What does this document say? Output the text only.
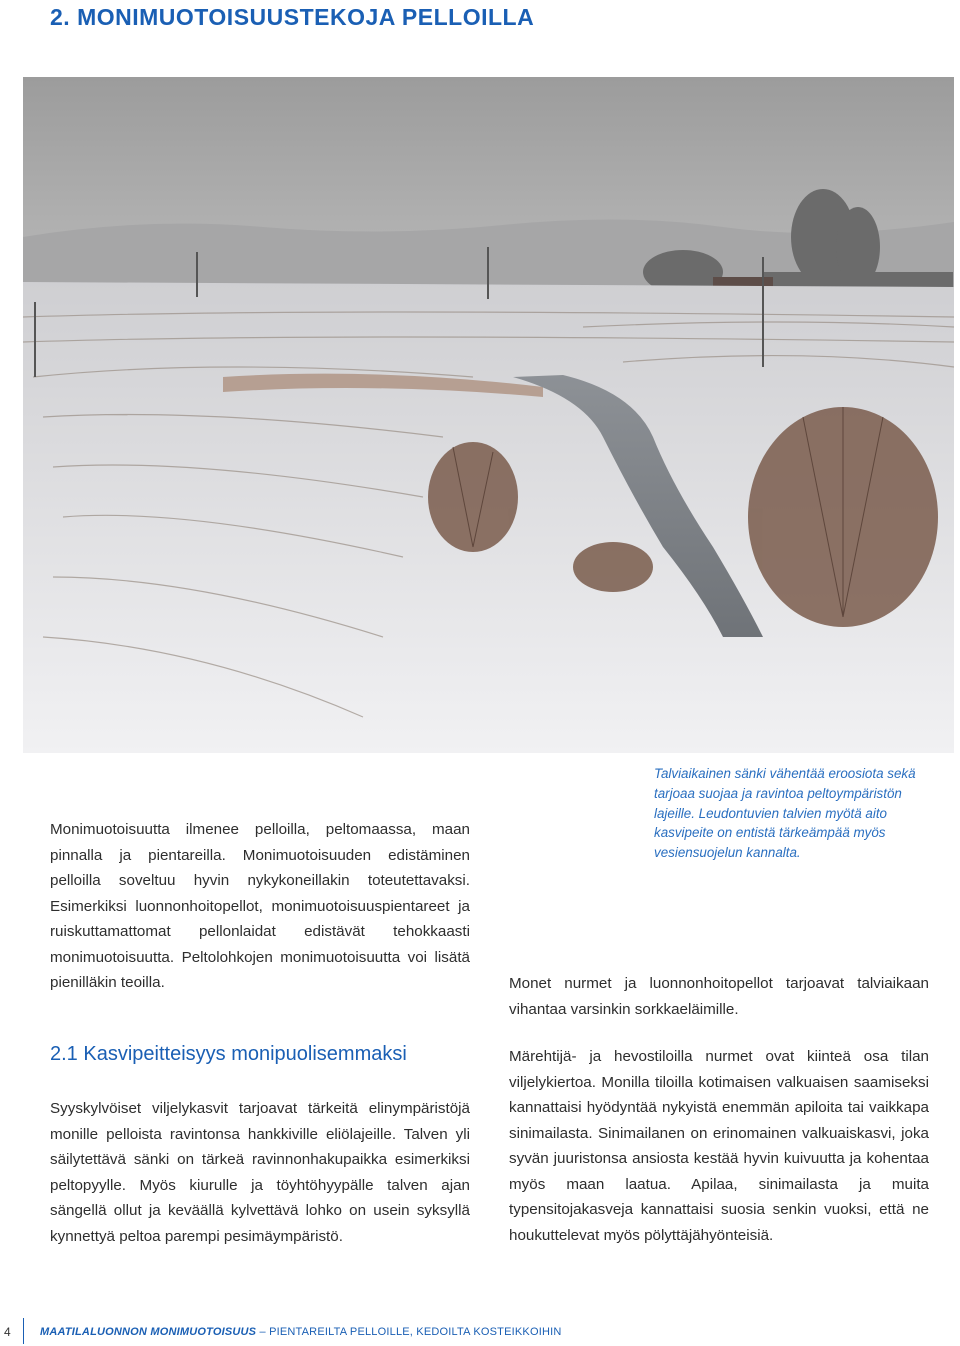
2. MONIMUOTOISUUSTEKOJA PELLOILLA

Talviaikainen sänki vähentää eroosiota sekä tarjoaa suojaa ja ravintoa peltoympäristön lajeille. Leudontuvien talvien myötä aito kasvipeite on entistä tärkeämpää myös vesiensuojelun kannalta.

Monimuotoisuutta ilmenee pelloilla, peltomaassa, maan pinnalla ja pientareilla. Monimuotoisuuden edistäminen pelloilla soveltuu hyvin nykykoneillakin toteutettavaksi. Esimerkiksi luonnonhoitopellot, monimuotoisuuspientareet ja ruiskuttamattomat pellonlaidat edistävät tehokkaasti monimuotoisuutta. Peltolohkojen monimuotoisuutta voi lisätä pienilläkin teoilla.

2.1 Kasvipeitteisyys monipuolisemmaksi

Syyskylvöiset viljelykasvit tarjoavat tärkeitä elinympäristöjä monille pelloista ravintonsa hankkiville eliölajeille. Talven yli säilytettävä sänki on tärkeä ravinnonhakupaikka esimerkiksi peltopyylle. Myös kiurulle ja töyhtöhyypälle talven ajan sängellä ollut ja keväällä kylvettävä lohko on usein syksyllä kynnettyä peltoa parempi pesimäympäristö.

Monet nurmet ja luonnonhoitopellot tarjoavat talviaikaan vihantaa varsinkin sorkkaeläimille.

Märehtijä- ja hevostiloilla nurmet ovat kiinteä osa tilan viljelykiertoa. Monilla tiloilla kotimaisen valkuaisen saamiseksi kannattaisi hyödyntää nykyistä enemmän apiloita tai vaikkapa sinimailasta. Sinimailanen on erinomainen valkuaiskasvi, joka syvän juuristonsa ansiosta kestää hyvin kuivuutta ja kohentaa myös maan laatua. Apilaa, sinimailasta ja muita typensitojakasveja kannattaisi suosia senkin vuoksi, että ne houkuttelevat myös pölyttäjähyönteisiä.

4	MAATILALUONNON MONIMUOTOISUUS – PIENTAREILTA PELLOILLE, KEDOILTA KOSTEIKKOIHIN
